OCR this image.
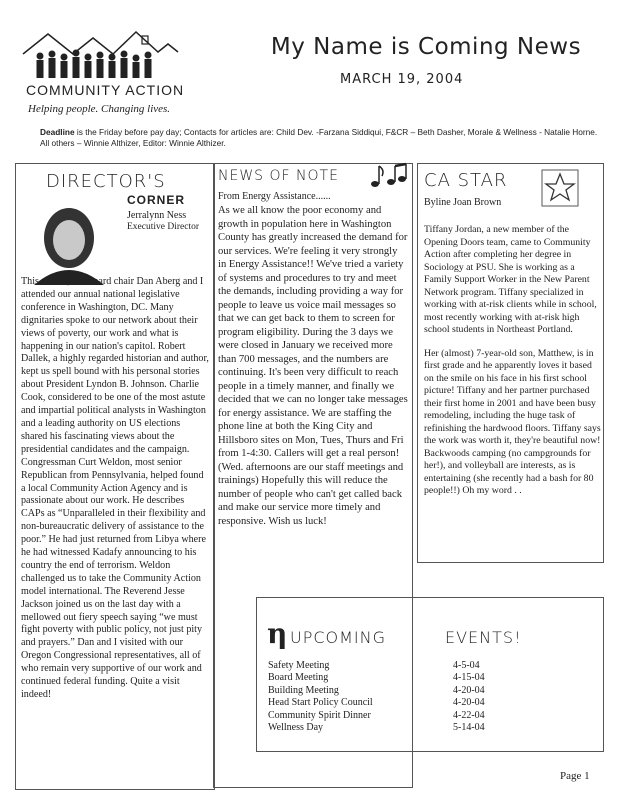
COMMUNITY ACTION
Helping people. Changing lives.
My Name is Coming News
MARCH 19, 2004
Deadline is the Friday before pay day; Contacts for articles are: Child Dev. -Farzana Siddiqui, F&CR – Beth Dasher, Morale & Wellness - Natalie Horne. All others – Winnie Althizer, Editor: Winnie Althizer.
DIRECTOR'S
CORNER
Jerralynn Ness
Executive Director
This month, our board chair Dan Aberg and I attended our annual national legislative conference in Washington, DC. Many dignitaries spoke to our network about their views of poverty, our work and what is happening in our nation's capitol. Robert Dallek, a highly regarded historian and author, kept us spell bound with his personal stories about President Lyndon B. Johnson. Charlie Cook, considered to be one of the most astute and impartial political analysts in Washington and a leading authority on US elections shared his fascinating views about the presidential candidates and the campaign. Congressman Curt Weldon, most senior Republican from Pennsylvania, helped found a local Community Action Agency and is passionate about our work. He describes CAPs as “Unparalleled in their flexibility and non-bureaucratic delivery of assistance to the poor.” He had just returned from Libya where he had witnessed Kadafy announcing to his country the end of terrorism. Weldon challenged us to take the Community Action model international. The Reverend Jesse Jackson joined us on the last day with a mellowed out fiery speech saying “we must fight poverty with public policy, not just pity and prayers.” Dan and I visited with our Oregon Congressional representatives, all of who remain very supportive of our work and continued federal funding. Quite a visit indeed!
NEWS OF NOTE
From Energy Assistance......
As we all know the poor economy and growth in population here in Washington County has greatly increased the demand for our services. We're feeling it very strongly in Energy Assistance!! We've tried a variety of systems and procedures to try and meet the demands, including providing a way for people to leave us voice mail messages so that we can get back to them to screen for program eligibility. During the 3 days we were closed in January we received more than 700 messages, and the numbers are continuing. It's been very difficult to reach people in a timely manner, and finally we decided that we can no longer take messages for energy assistance. We are staffing the phone line at both the King City and Hillsboro sites on Mon, Tues, Thurs and Fri from 1-4:30. Callers will get a real person! (Wed. afternoons are our staff meetings and trainings) Hopefully this will reduce the number of people who can't get called back and make our service more timely and responsive. Wish us luck!
CA STAR
Byline Joan Brown

Tiffany Jordan, a new member of the Opening Doors team, came to Community Action after completing her degree in Sociology at PSU. She is working as a Family Support Worker in the New Parent Network program. Tiffany specialized in working with at-risk clients while in school, most recently working with at-risk high school students in Northeast Portland.

Her (almost) 7-year-old son, Matthew, is in first grade and he apparently loves it based on the smile on his face in his first school picture! Tiffany and her partner purchased their first home in 2001 and have been busy remodeling, including the huge task of refinishing the hardwood floors. Tiffany says the work was worth it, they're beautiful now! Backwoods camping (no campgrounds for her!), and volleyball are interests, as is entertaining (she recently had a bash for 80 people!!) Oh my word . .

η UPCOMING	EVENTS!
Safety Meeting	4-5-04
Board Meeting	4-15-04
Building Meeting	4-20-04
Head Start Policy Council	4-20-04
Community Spirit Dinner	4-22-04
Wellness Day	5-14-04
Page 1
